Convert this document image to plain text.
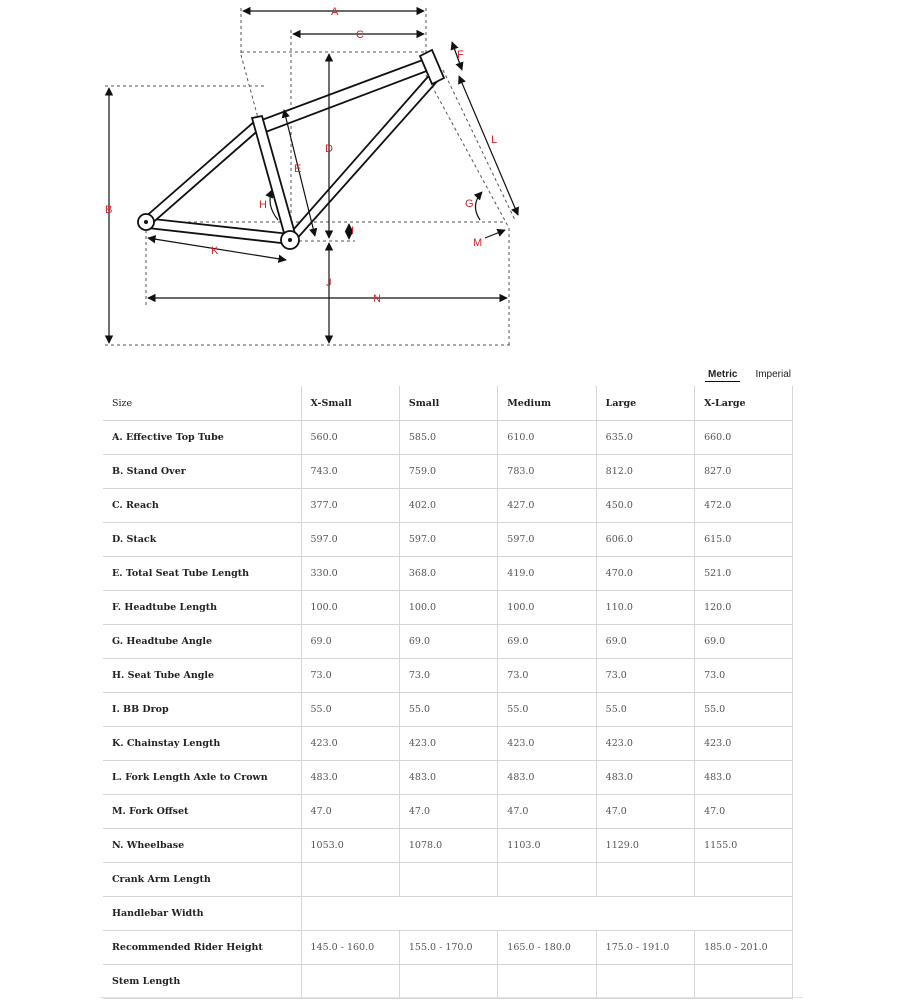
A
C
B
D
E
F
G
H
I
J
K
L
M
N
Metric	Imperial
Size	X-Small	Small	Medium	Large	X-Large
A. Effective Top Tube	560.0	585.0	610.0	635.0	660.0
B. Stand Over	743.0	759.0	783.0	812.0	827.0
C. Reach	377.0	402.0	427.0	450.0	472.0
D. Stack	597.0	597.0	597.0	606.0	615.0
E. Total Seat Tube Length	330.0	368.0	419.0	470.0	521.0
F. Headtube Length	100.0	100.0	100.0	110.0	120.0
G. Headtube Angle	69.0	69.0	69.0	69.0	69.0
H. Seat Tube Angle	73.0	73.0	73.0	73.0	73.0
I. BB Drop	55.0	55.0	55.0	55.0	55.0
K. Chainstay Length	423.0	423.0	423.0	423.0	423.0
L. Fork Length Axle to Crown	483.0	483.0	483.0	483.0	483.0
M. Fork Offset	47.0	47.0	47.0	47.0	47.0
N. Wheelbase	1053.0	1078.0	1103.0	1129.0	1155.0
Crank Arm Length					
Handlebar Width					
Recommended Rider Height	145.0 - 160.0	155.0 - 170.0	165.0 - 180.0	175.0 - 191.0	185.0 - 201.0
Stem Length					
